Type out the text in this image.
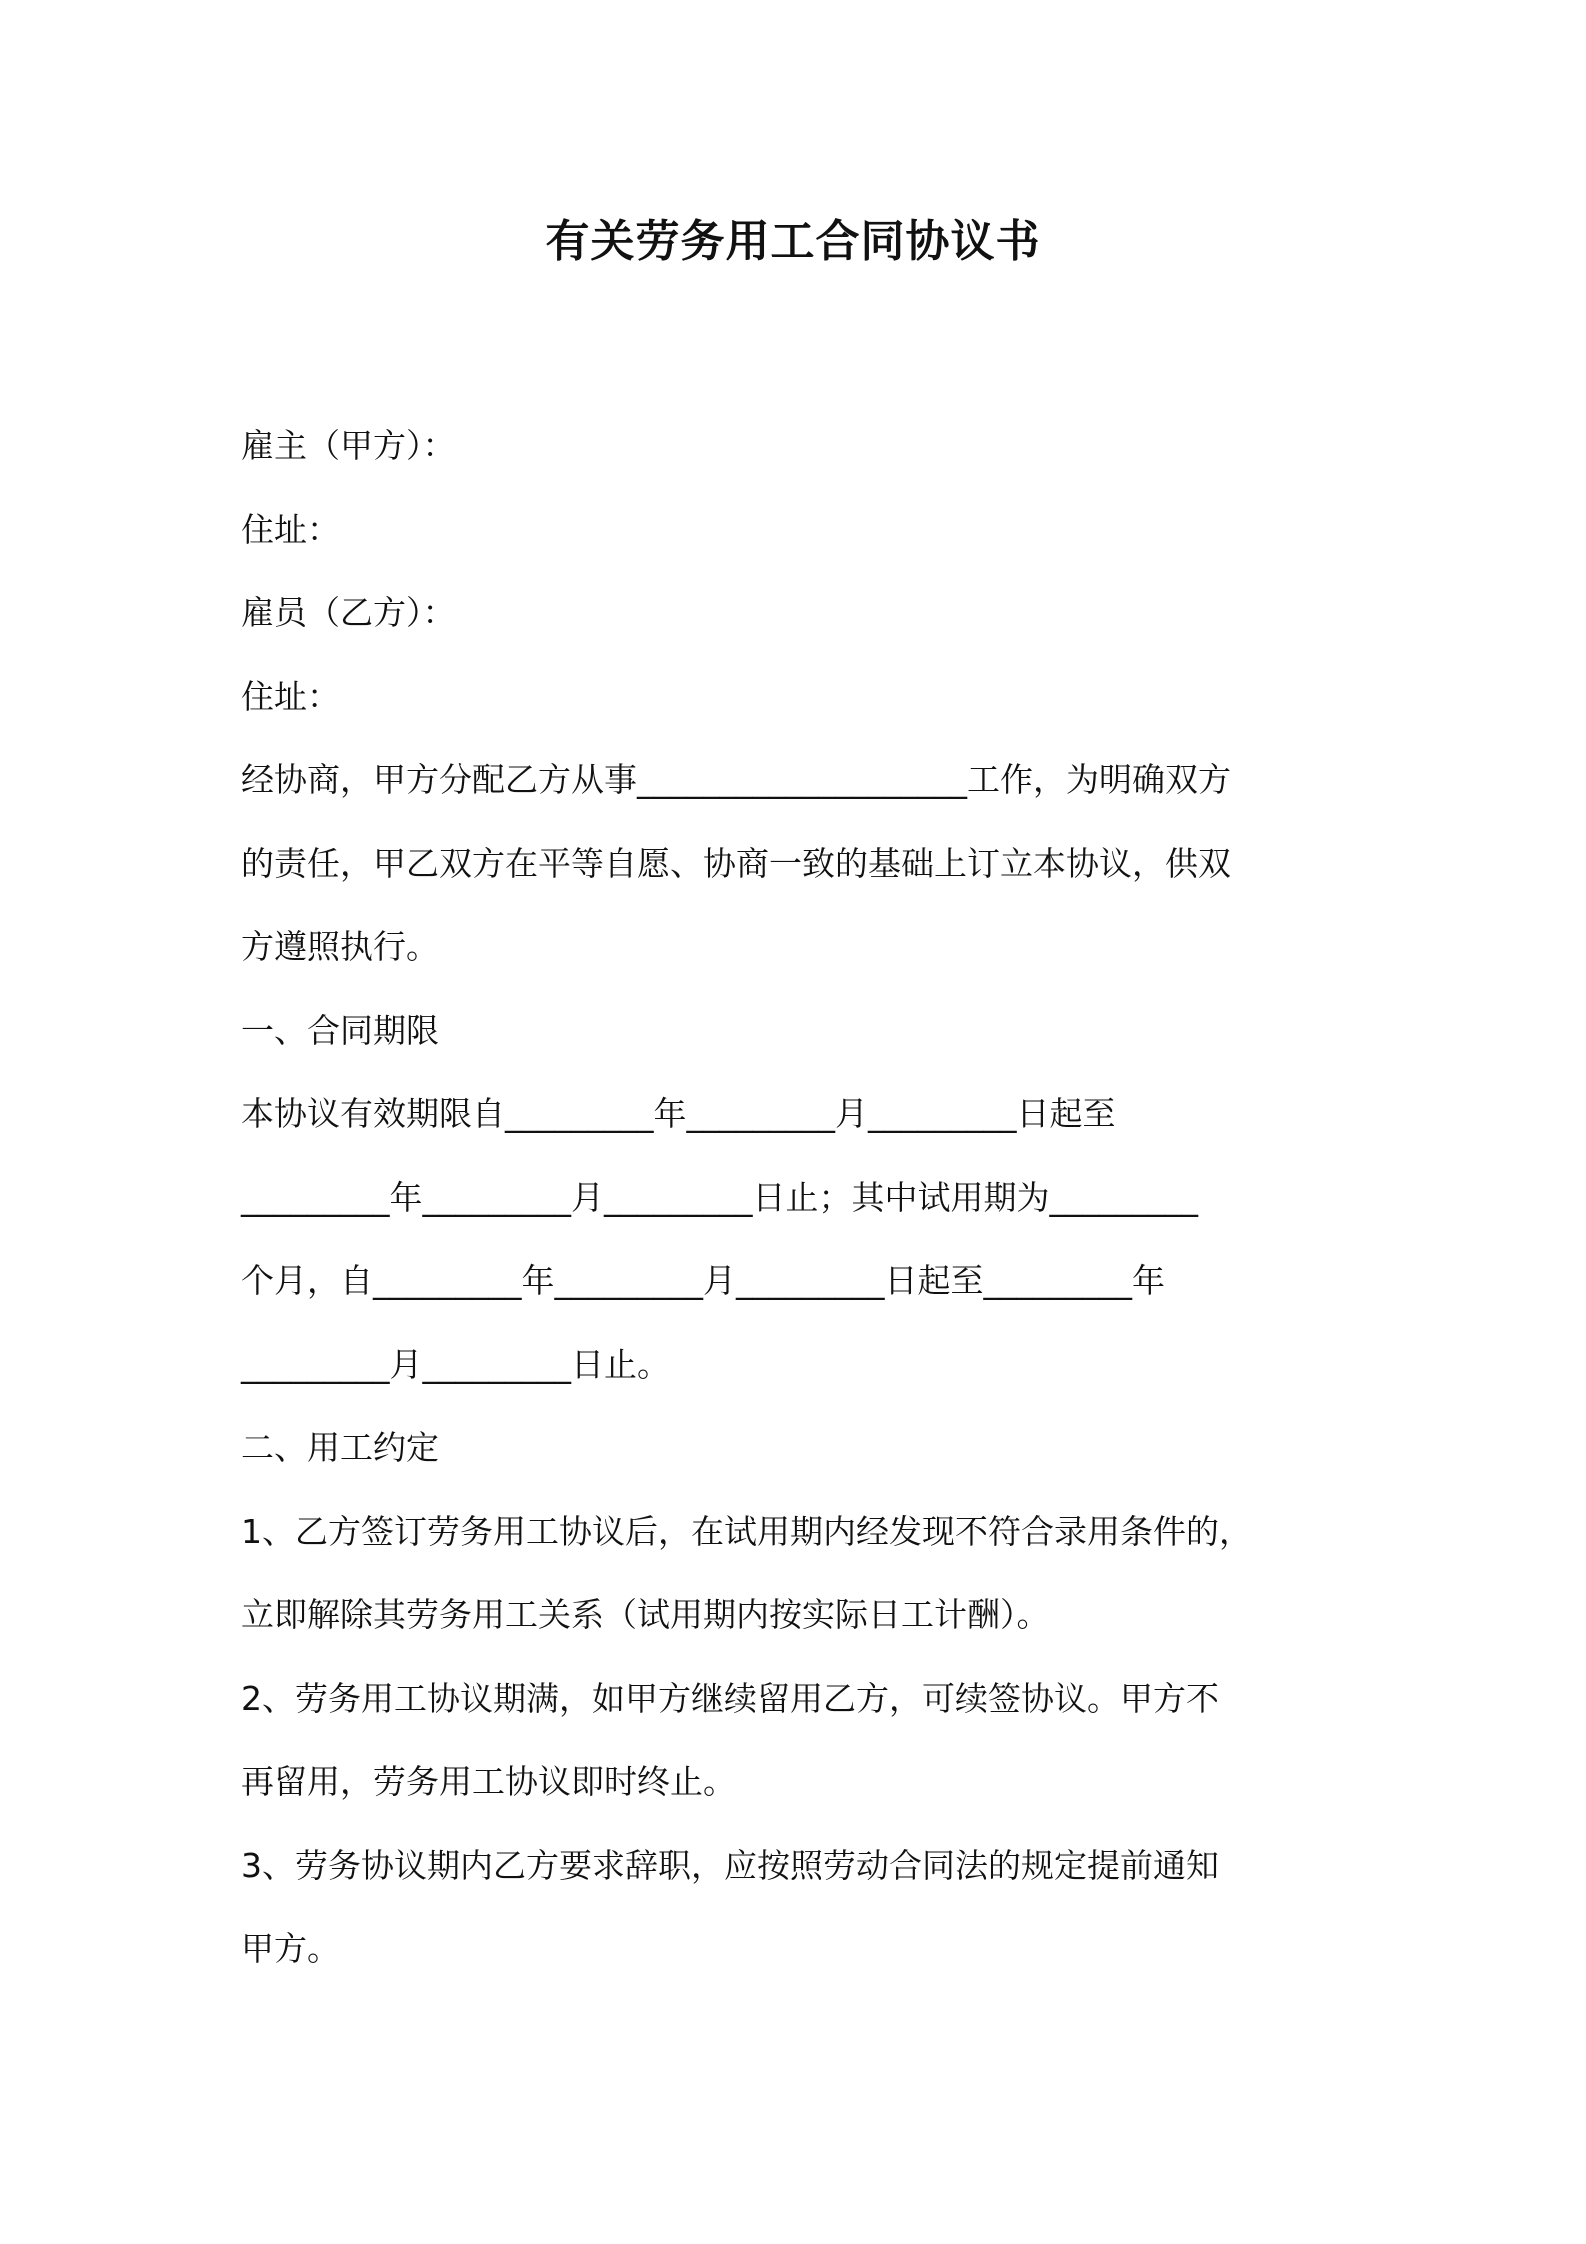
有关劳务用工合同协议书
雇主（甲方）：
住址：
雇员（乙方）：
住址：
经协商，甲方分配乙方从事____________________工作，为明确双方
的责任，甲乙双方在平等自愿、协商一致的基础上订立本协议，供双
方遵照执行。
一、合同期限
本协议有效期限自_________年_________月_________日起至
_________年_________月_________日止；其中试用期为_________
个月，自_________年_________月_________日起至_________年
_________月_________日止。
二、用工约定
1、乙方签订劳务用工协议后，在试用期内经发现不符合录用条件的，
立即解除其劳务用工关系（试用期内按实际日工计酬）。
2、劳务用工协议期满，如甲方继续留用乙方，可续签协议。甲方不
再留用，劳务用工协议即时终止。
3、劳务协议期内乙方要求辞职，应按照劳动合同法的规定提前通知
甲方。
